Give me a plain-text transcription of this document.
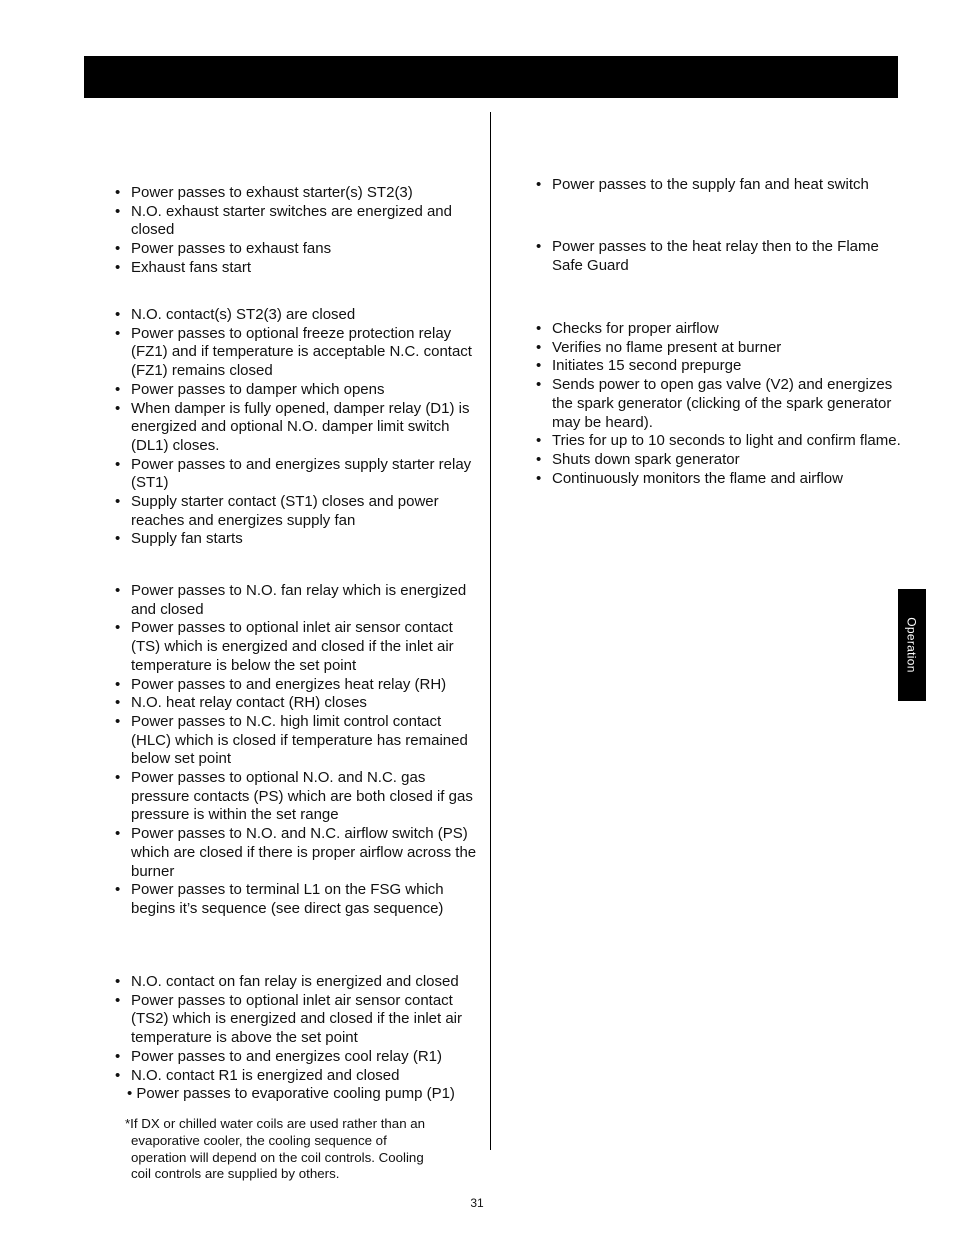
• Power passes to exhaust starter(s) ST2(3)
• N.O. exhaust starter switches are energized and closed
• Power passes to exhaust fans
• Exhaust fans start
• N.O. contact(s) ST2(3) are closed
• Power passes to optional freeze protection relay (FZ1) and if temperature is acceptable N.C. contact (FZ1) remains closed
• Power passes to damper which opens
• When damper is fully opened, damper relay (D1) is energized and optional N.O. damper limit switch (DL1) closes.
• Power passes to and energizes supply starter relay (ST1)
• Supply starter contact (ST1) closes and power reaches and energizes supply fan
• Supply fan starts
• Power passes to N.O. fan relay which is energized and closed
• Power passes to optional inlet air sensor contact (TS) which is energized and closed if the inlet air temperature is below the set point
• Power passes to and energizes heat relay (RH)
• N.O. heat relay contact (RH) closes
• Power passes to N.C. high limit control contact (HLC) which is closed if temperature has remained below set point
• Power passes to optional N.O. and N.C. gas pressure contacts (PS) which are both closed if gas pressure is within the set range
• Power passes to N.O. and N.C. airflow switch (PS) which are closed if there is proper airflow across the burner
• Power passes to terminal L1 on the FSG which begins it’s sequence (see direct gas sequence)
• N.O. contact on fan relay is energized and closed
• Power passes to optional inlet air sensor contact (TS2) which is energized and closed if the inlet air temperature is above the set point
• Power passes to and energizes cool relay (R1)
• N.O. contact R1 is energized and closed
• Power passes to evaporative cooling pump (P1)
*If DX or chilled water coils are used rather than an
evaporative cooler, the cooling sequence of
operation will depend on the coil controls. Cooling
coil controls are supplied by others.
• Power passes to the supply fan and heat switch
• Power passes to the heat relay then to the Flame Safe Guard
• Checks for proper airflow
• Verifies no flame present at burner
• Initiates 15 second prepurge
• Sends power to open gas valve (V2) and energizes the spark generator (clicking of the spark generator may be heard).
• Tries for up to 10 seconds to light and confirm flame.
• Shuts down spark generator
• Continuously monitors the flame and airflow
Operation
31
